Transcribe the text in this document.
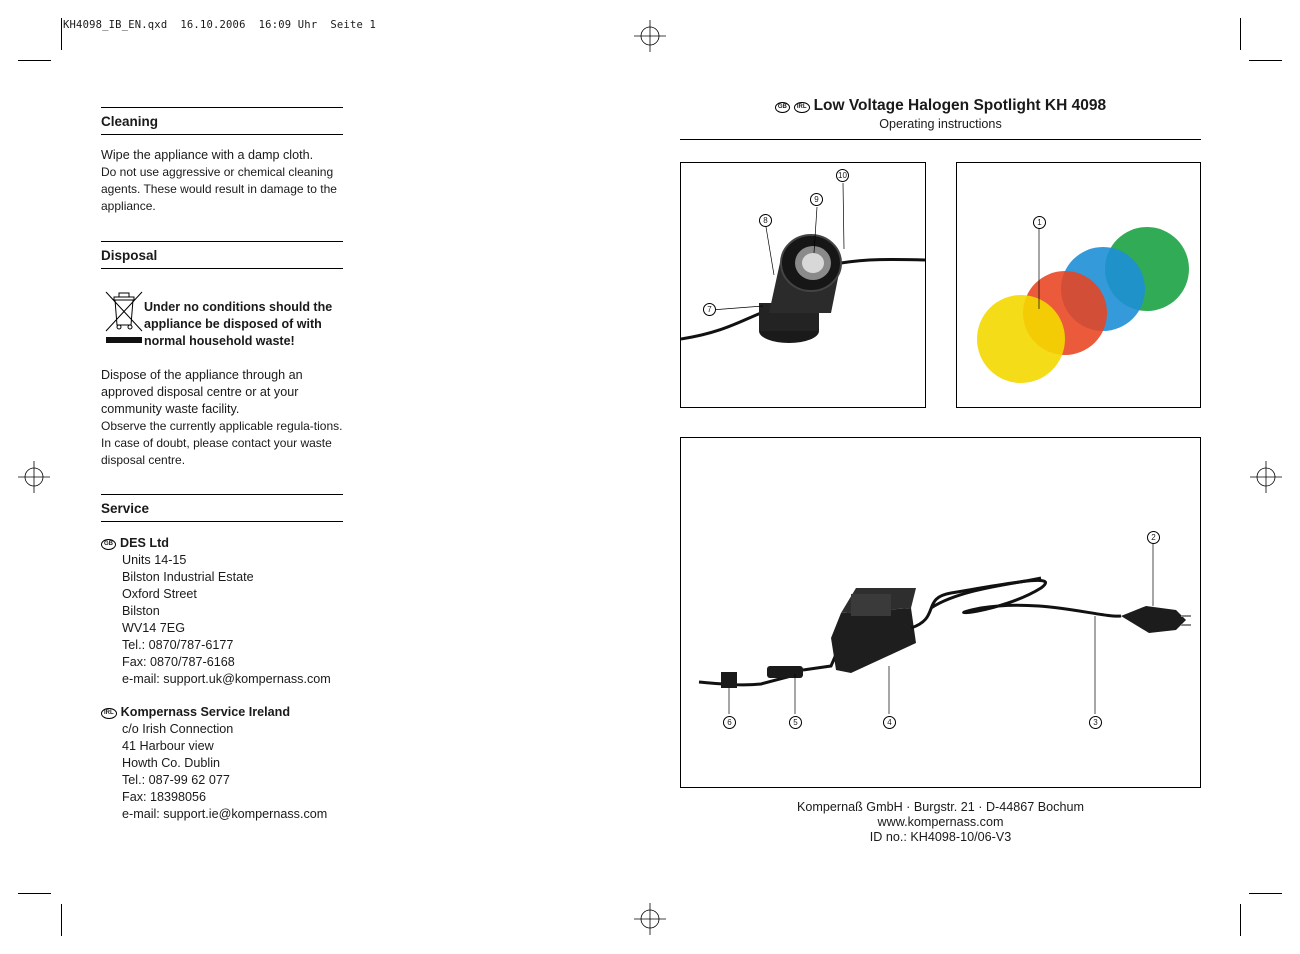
KH4098_IB_EN.qxd  16.10.2006  16:09 Uhr  Seite 1
Cleaning
Wipe the appliance with a damp cloth.
Do not use aggressive or chemical cleaning agents. These would result in damage to the appliance.
Disposal
Under no conditions should the appliance be disposed of with normal household waste!
Dispose of the appliance through an approved disposal centre or at your community waste facility.
Observe the currently applicable regula-tions. In case of doubt, please contact your waste disposal centre.
Service
GB DES Ltd
Units 14-15
Bilston Industrial Estate
Oxford Street
Bilston
WV14 7EG
Tel.: 0870/787-6177
Fax: 0870/787-6168
e-mail: support.uk@kompernass.com
IRL Kompernass Service Ireland
c/o Irish Connection
41 Harbour view
Howth Co. Dublin
Tel.: 087-99 62 077
Fax: 18398056
e-mail: support.ie@kompernass.com
GB IRL Low Voltage Halogen Spotlight KH 4098
Operating instructions
7
8
9
10
1
2
3
4
5
6
Kompernaß GmbH · Burgstr. 21 · D-44867 Bochum
www.kompernass.com
ID no.: KH4098-10/06-V3
